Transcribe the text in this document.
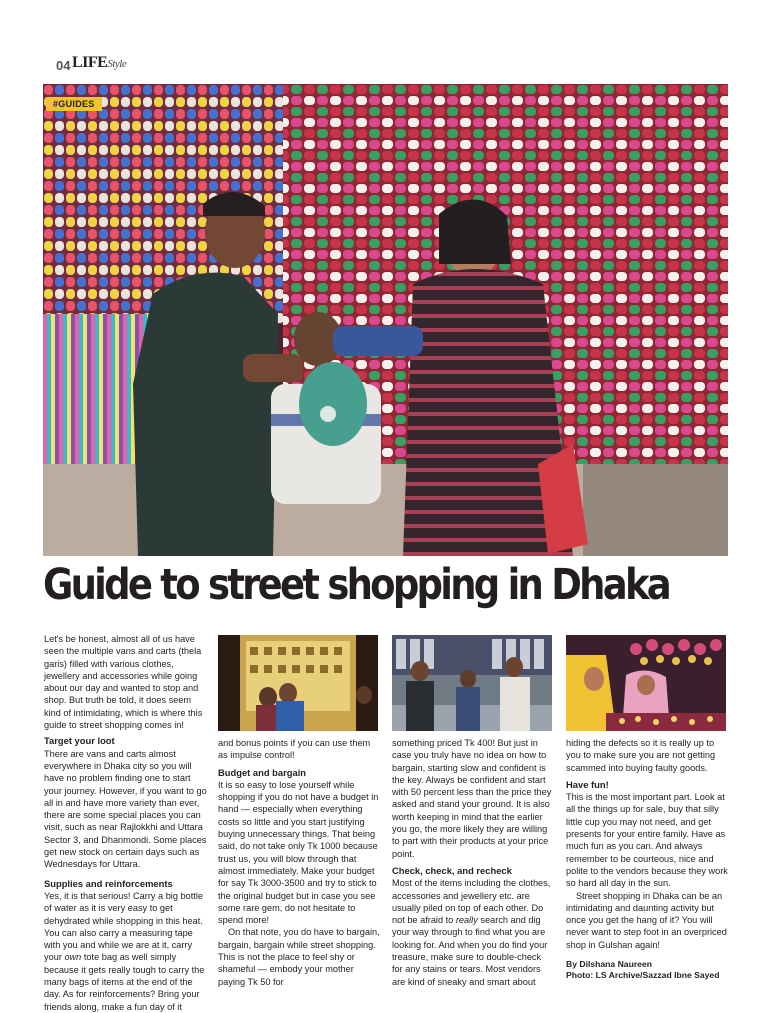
04 LIFEStyle
#GUIDES
Guide to street shopping in Dhaka

Let's be honest, almost all of us have seen the multiple vans and carts (thela garis) filled with various clothes, jewellery and accessories while going about our day and wanted to stop and shop. But truth be told, it does seem kind of intimidating, which is where this guide to street shopping comes in!

Target your loot

There are vans and carts almost everywhere in Dhaka city so you will have no problem finding one to start your journey. However, if you want to go all in and have more variety than ever, there are some special places you can visit, such as near Rajlokkhi and Uttara Sector 3, and Dhanmondi. Some places get new stock on certain days such as Wednesdays for Uttara.

Supplies and reinforcements

Yes, it is that serious! Carry a big bottle of water as it is very easy to get dehydrated while shopping in this heat. You can also carry a measuring tape with you and while we are at it, carry your own tote bag as well simply because it gets really tough to carry the many bags of items at the end of the day. As for reinforcements? Bring your friends along, make a fun day of it

and bonus points if you can use them as impulse control!

Budget and bargain

It is so easy to lose yourself while shopping if you do not have a budget in hand — especially when everything costs so little and you start justifying buying unnecessary things. That being said, do not take only Tk 1000 because trust us, you will blow through that almost immediately. Make your budget for say Tk 3000-3500 and try to stick to the original budget but in case you see some rare gem, do not hesitate to spend more!

On that note, you do have to bargain, bargain, bargain while street shopping. This is not the place to feel shy or shameful — embody your mother paying Tk 50 for

something priced Tk 400! But just in case you truly have no idea on how to bargain, starting slow and confident is the key. Always be confident and start with 50 percent less than the price they asked and stand your ground. It is also worth keeping in mind that the earlier you go, the more likely they are willing to part with their products at your price point.

Check, check, and recheck

Most of the items including the clothes, accessories and jewellery etc. are usually piled on top of each other. Do not be afraid to really search and dig your way through to find what you are looking for. And when you do find your treasure, make sure to double-check for any stains or tears. Most vendors are kind of sneaky and smart about

hiding the defects so it is really up to you to make sure you are not getting scammed into buying faulty goods.

Have fun!

This is the most important part. Look at all the things up for sale, buy that silly little cup you may not need, and get presents for your entire family. Have as much fun as you can. And always remember to be courteous, nice and polite to the vendors because they work so hard all day in the sun.

Street shopping in Dhaka can be an intimidating and daunting activity but once you get the hang of it? You will never want to step foot in an overpriced shop in Gulshan again!

By Dilshana Naureen
Photo: LS Archive/Sazzad Ibne Sayed
